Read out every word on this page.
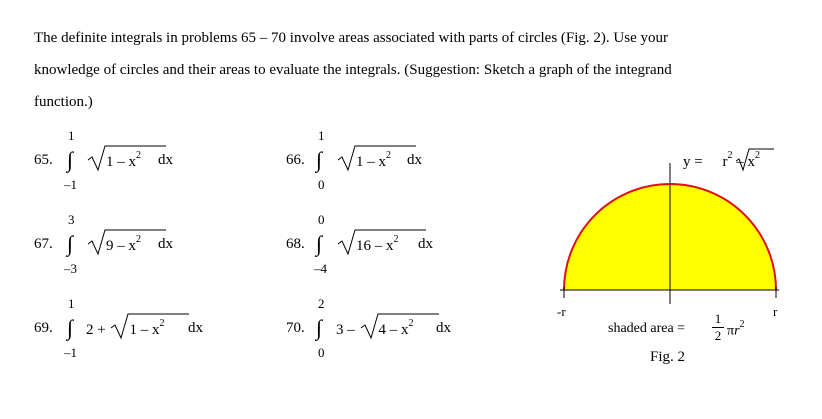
The definite integrals in problems 65 – 70 involve areas associated with parts of circles (Fig. 2). Use your

knowledge of circles and their areas to evaluate the integrals. (Suggestion: Sketch a graph of the integrand

function.)

65.
1
∫
–1
$1 - x^2$ dx	66.
1
∫
0
$1 - x^2$ dx
67.
3
∫
–3
$9 - x^2$ dx	68.
0
∫
–4
$16 - x^2$ dx
69.
1
∫
–1
2 +
$1 - x^2$ dx	70.
2
∫
0
3 –
$4 - x^2$ dx
$y = r^2 - x^2$
-r	r
shaded area =
1
2 $\pi r^2$
Fig. 2
